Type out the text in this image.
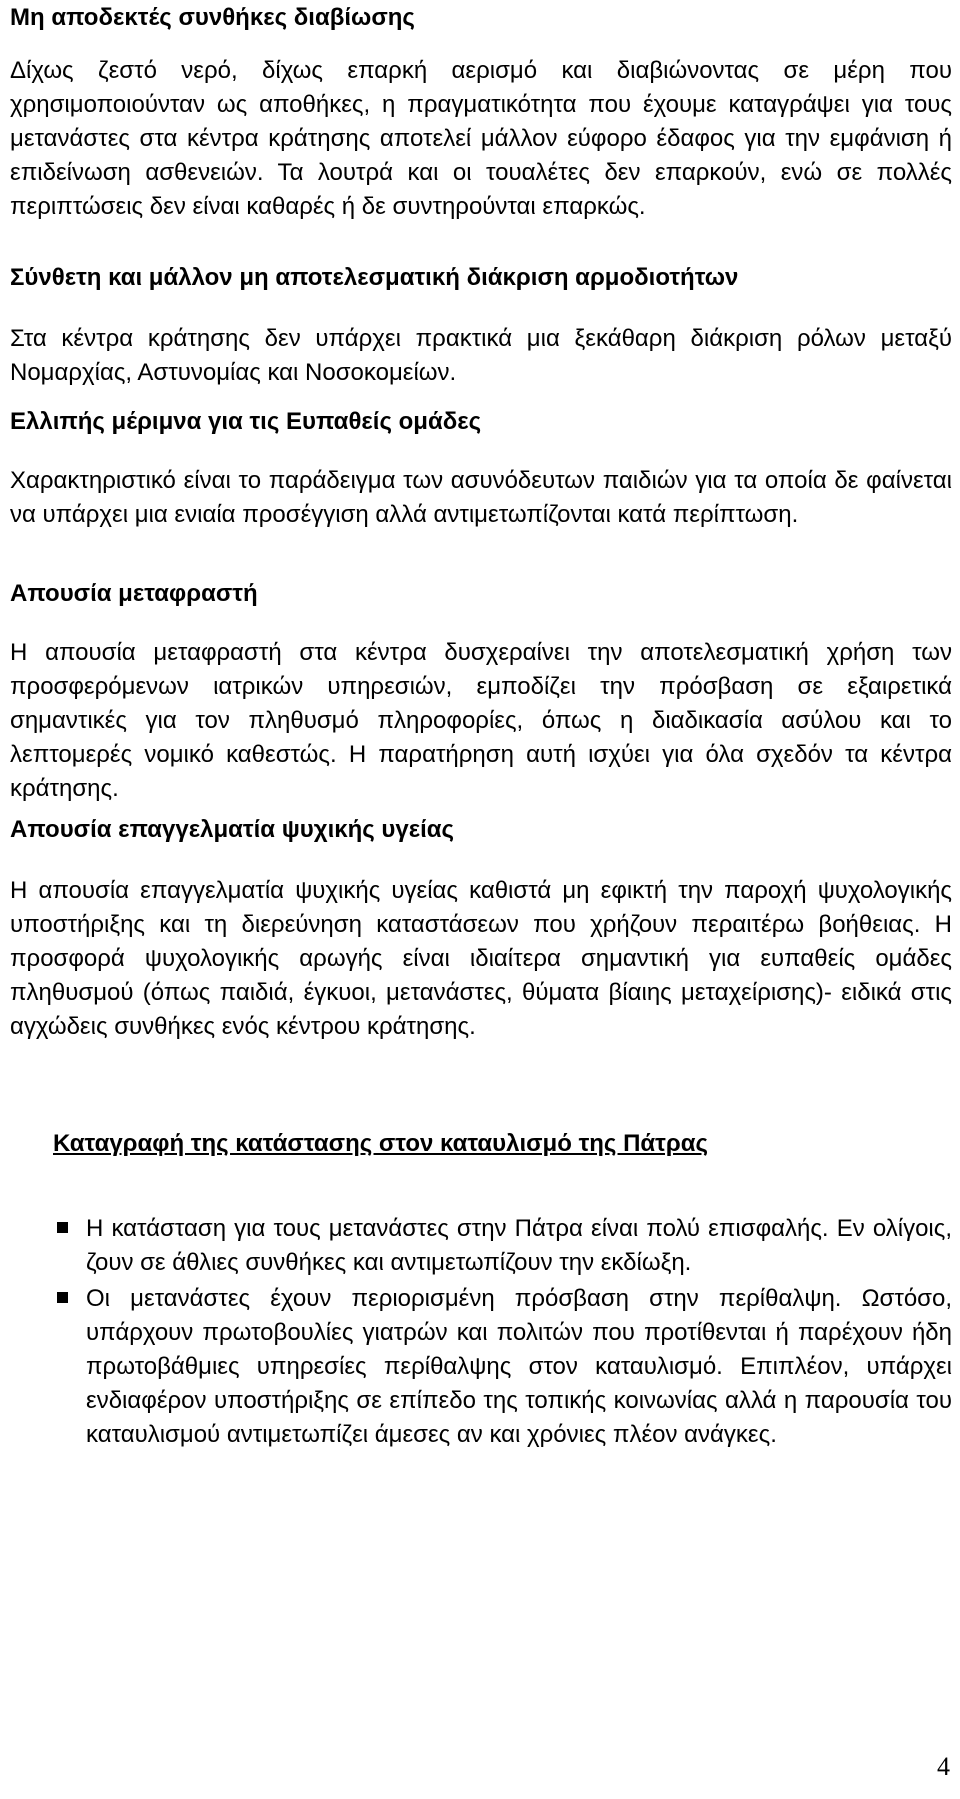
Μη αποδεκτές συνθήκες διαβίωσης

Δίχως ζεστό νερό, δίχως επαρκή αερισμό και διαβιώνοντας σε μέρη που χρησιμοποιούνταν ως αποθήκες, η πραγματικότητα που έχουμε καταγράψει για τους μετανάστες στα κέντρα κράτησης αποτελεί μάλλον εύφορο έδαφος για την εμφάνιση ή επιδείνωση ασθενειών. Τα λουτρά και οι τουαλέτες δεν επαρκούν, ενώ σε πολλές περιπτώσεις δεν είναι καθαρές ή δε συντηρούνται επαρκώς.

Σύνθετη και μάλλον μη αποτελεσματική διάκριση αρμοδιοτήτων

Στα κέντρα κράτησης δεν υπάρχει πρακτικά μια ξεκάθαρη διάκριση ρόλων μεταξύ Νομαρχίας, Αστυνομίας και Νοσοκομείων.

Ελλιπής μέριμνα για τις Ευπαθείς ομάδες

Χαρακτηριστικό είναι το παράδειγμα των ασυνόδευτων παιδιών για τα οποία δε φαίνεται να υπάρχει μια ενιαία προσέγγιση αλλά αντιμετωπίζονται κατά περίπτωση.

Απουσία μεταφραστή

Η απουσία μεταφραστή στα κέντρα δυσχεραίνει την αποτελεσματική χρήση των προσφερόμενων ιατρικών υπηρεσιών, εμποδίζει την πρόσβαση σε εξαιρετικά σημαντικές για τον πληθυσμό πληροφορίες, όπως η διαδικασία ασύλου και το λεπτομερές νομικό καθεστώς. Η παρατήρηση αυτή ισχύει για όλα σχεδόν τα κέντρα κράτησης.

Απουσία επαγγελματία ψυχικής υγείας

Η απουσία επαγγελματία ψυχικής υγείας καθιστά μη εφικτή την παροχή ψυχολογικής υποστήριξης και τη διερεύνηση καταστάσεων που χρήζουν περαιτέρω βοήθειας. Η προσφορά ψυχολογικής αρωγής είναι ιδιαίτερα σημαντική για ευπαθείς ομάδες πληθυσμού (όπως παιδιά, έγκυοι, μετανάστες, θύματα βίαιης μεταχείρισης)- ειδικά στις αγχώδεις συνθήκες ενός κέντρου κράτησης.

Καταγραφή της κατάστασης στον καταυλισμό της Πάτρας
Η κατάσταση για τους μετανάστες στην Πάτρα είναι πολύ επισφαλής. Εν ολίγοις, ζουν σε άθλιες συνθήκες και αντιμετωπίζουν την εκδίωξη.
Οι μετανάστες έχουν περιορισμένη πρόσβαση στην περίθαλψη. Ωστόσο, υπάρχουν πρωτοβουλίες γιατρών και πολιτών που προτίθενται ή παρέχουν ήδη πρωτοβάθμιες υπηρεσίες περίθαλψης στον καταυλισμό. Επιπλέον, υπάρχει ενδιαφέρον υποστήριξης σε επίπεδο της τοπικής κοινωνίας αλλά η παρουσία του καταυλισμού αντιμετωπίζει άμεσες αν και χρόνιες πλέον ανάγκες.
4
